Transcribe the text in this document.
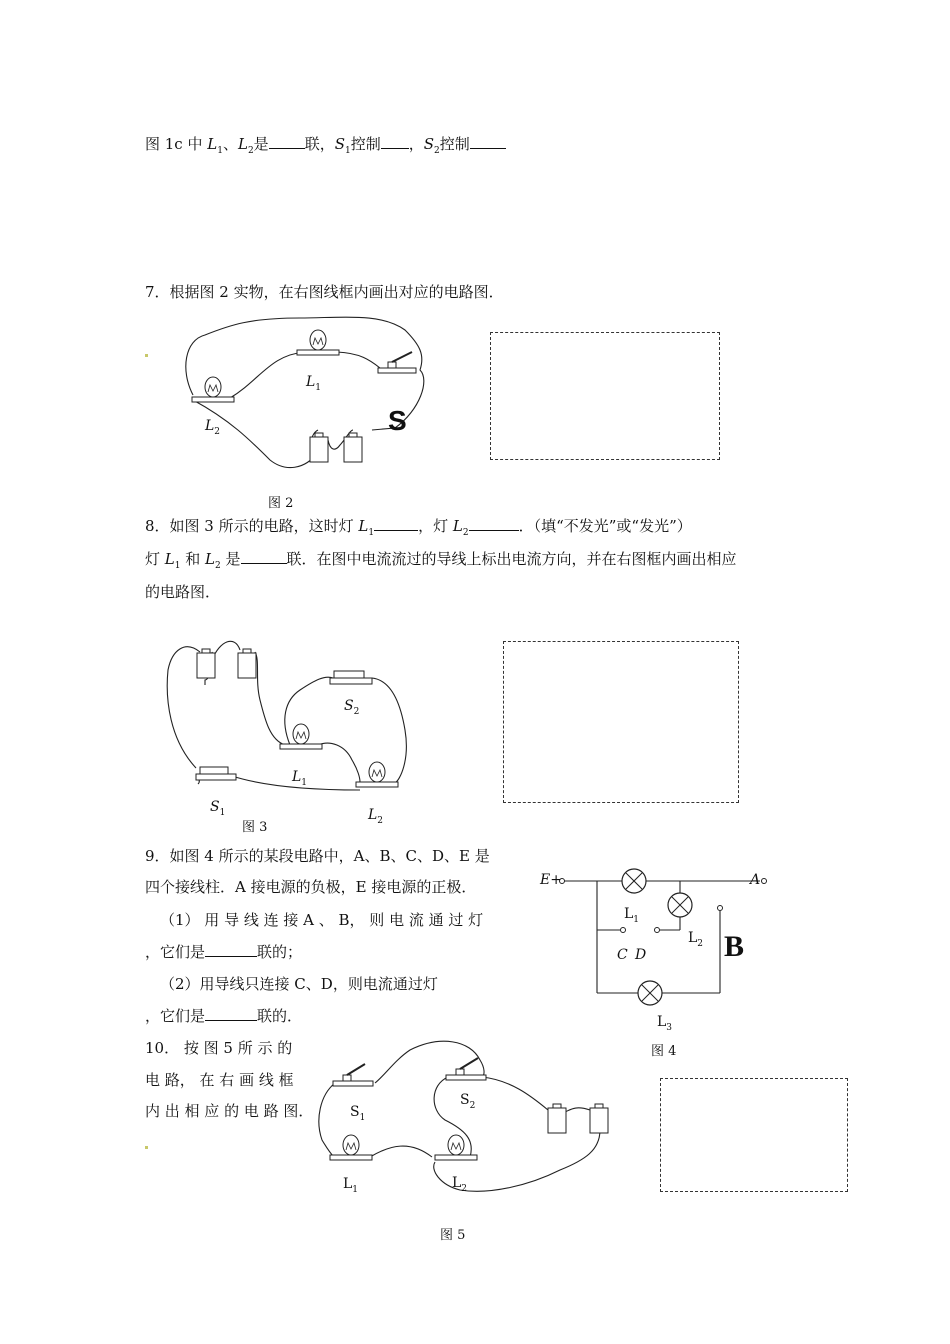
图 1c 中 $L_1$、$L_2$是 联，$S_1$控制 ，$S_2$控制
7．根据图 2 实物，在右图线框内画出对应的电路图．
$L_1$
$L_2$	S
图 2
8．如图 3 所示的电路，这时灯 $L_1$	，灯 $L_2$	．（填“不发光”或“发光”）
灯 $L_1$ 和 $L_2$ 是	联．在图中电流流过的导线上标出电流方向，并在右图框内画出相应
的电路图．
$S_2$
$L_1$
$S_1$	$L_2$
图 3
9．如图 4 所示的某段电路中，A、B、C、D、E 是
四个接线柱．A 接电源的负极，E 接电源的正极．
（1） 用 导 线 连 接 A 、 B， 则 电 流 通 过 灯
，它们是	联的；
（2）用导线只连接 C、D，则电流通过灯
，它们是	联的．
E+	A
$L_1$
$L_2$
C D	B
$L_3$
图 4
10． 按 图 5 所 示 的
电 路， 在 右 画 线 框
内 出 相 应 的 电 路 图．	$S_1$
$S_2$
$L_1$	$L_2$
图 5
